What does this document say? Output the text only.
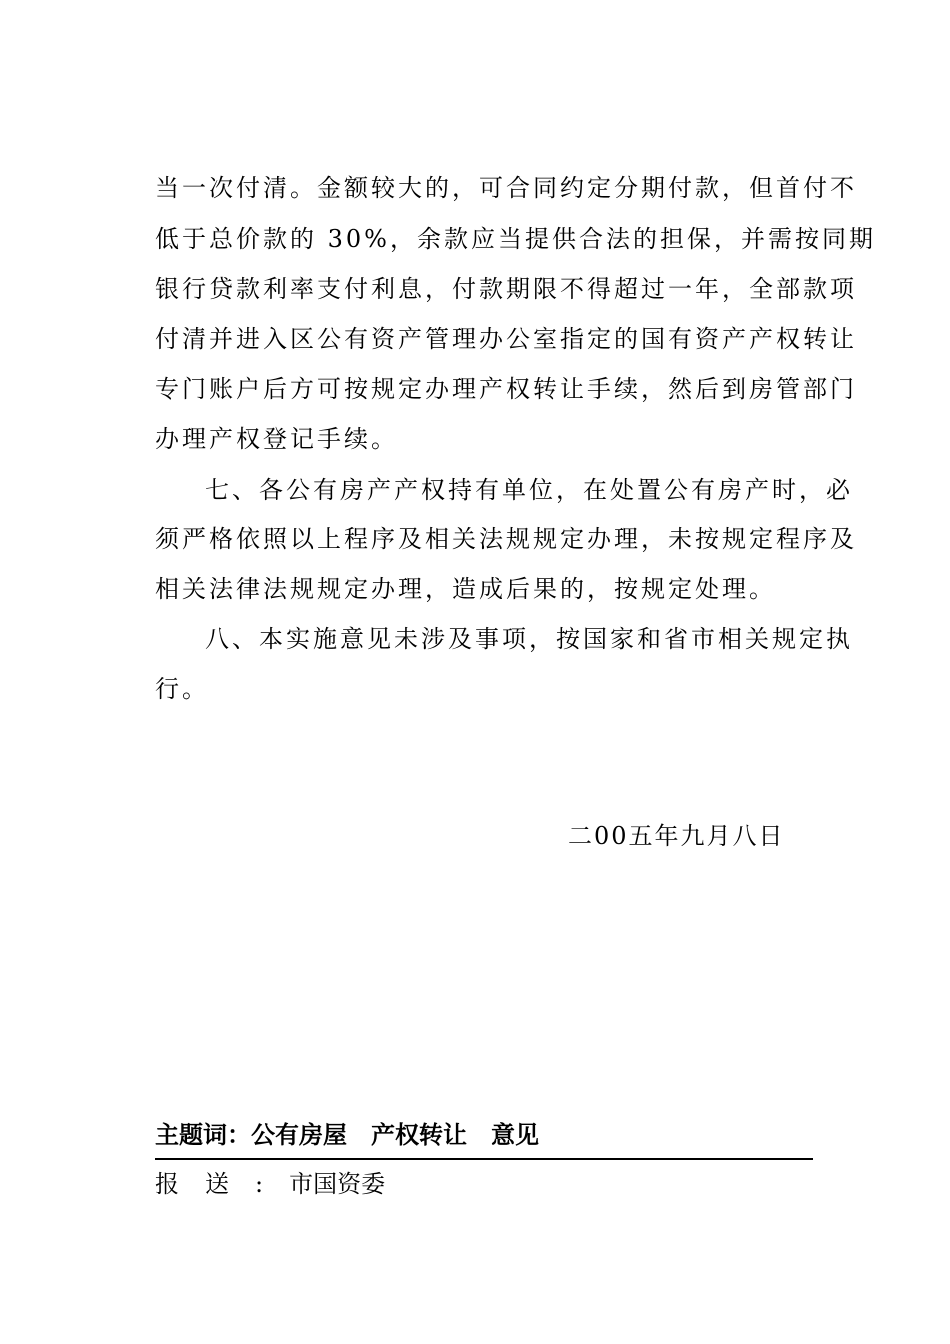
当一次付清。金额较大的，可合同约定分期付款，但首付不
低于总价款的 30%，余款应当提供合法的担保，并需按同期
银行贷款利率支付利息，付款期限不得超过一年，全部款项
付清并进入区公有资产管理办公室指定的国有资产产权转让
专门账户后方可按规定办理产权转让手续，然后到房管部门
办理产权登记手续。
七、各公有房产产权持有单位，在处置公有房产时，必
须严格依照以上程序及相关法规规定办理，未按规定程序及
相关法律法规规定办理，造成后果的，按规定处理。
八、本实施意见未涉及事项，按国家和省市相关规定执
行。
二00五年九月八日
主题词：公有房屋 产权转让 意见
报送:市国资委
